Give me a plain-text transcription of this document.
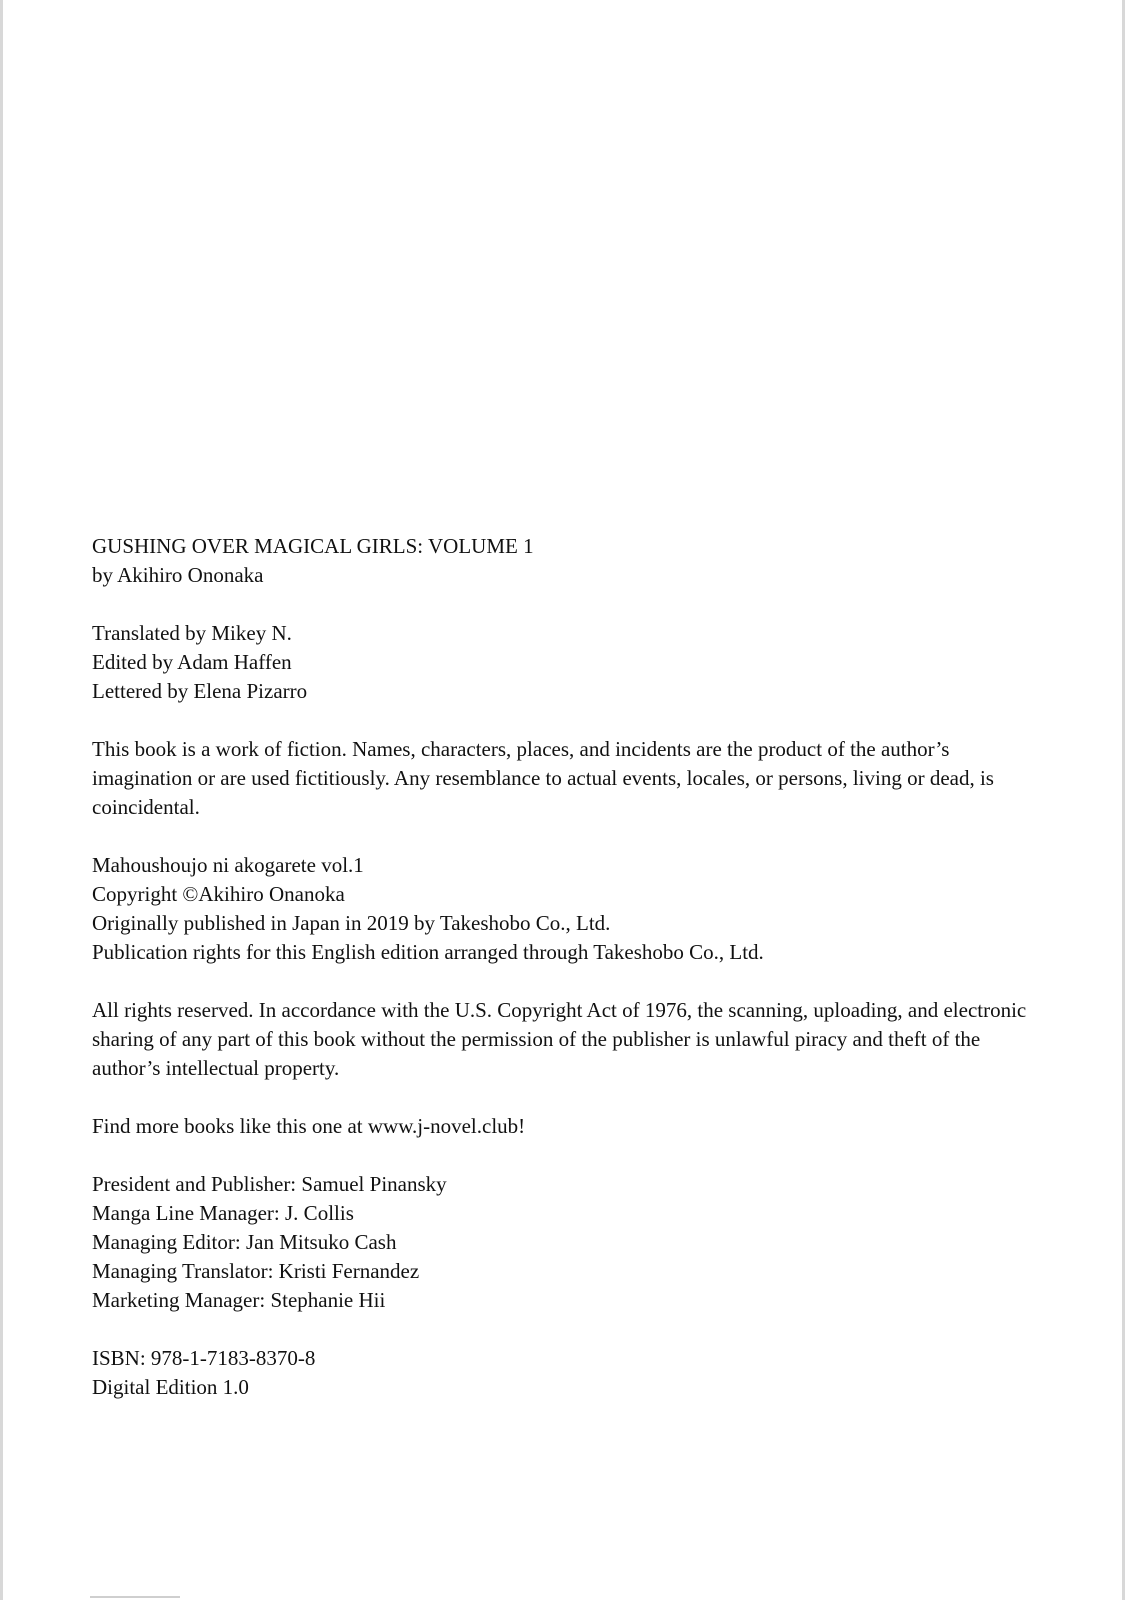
GUSHING OVER MAGICAL GIRLS: VOLUME 1
by Akihiro Ononaka
Translated by Mikey N.
Edited by Adam Haffen
Lettered by Elena Pizarro

This book is a work of fiction. Names, characters, places, and incidents are the product of the author’s imagination or are used fictitiously. Any resemblance to actual events, locales, or persons, living or dead, is coincidental.

Mahoushoujo ni akogarete vol.1
Copyright ©Akihiro Onanoka
Originally published in Japan in 2019 by Takeshobo Co., Ltd.
Publication rights for this English edition arranged through Takeshobo Co., Ltd.

All rights reserved. In accordance with the U.S. Copyright Act of 1976, the scanning, uploading, and electronic sharing of any part of this book without the permission of the publisher is unlawful piracy and theft of the author’s intellectual property.

Find more books like this one at www.j-novel.club!

President and Publisher: Samuel Pinansky
Manga Line Manager: J. Collis
Managing Editor: Jan Mitsuko Cash
Managing Translator: Kristi Fernandez
Marketing Manager: Stephanie Hii
ISBN: 978-1-7183-8370-8
Digital Edition 1.0
